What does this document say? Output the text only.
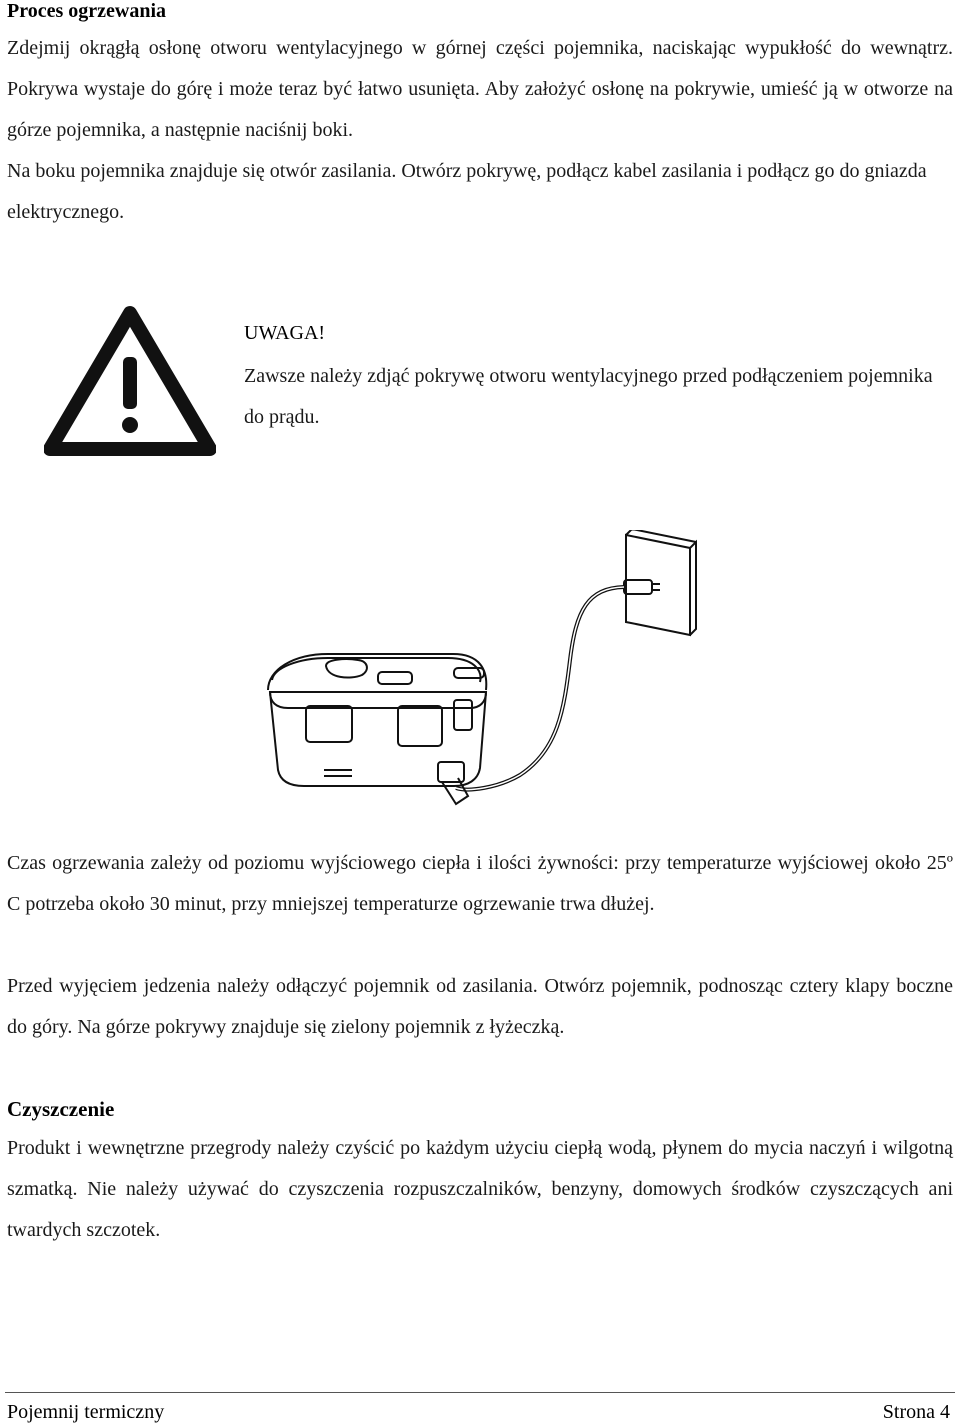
Proces ogrzewania

Zdejmij okrągłą osłonę otworu wentylacyjnego w górnej części pojemnika, naciskając wypukłość do wewnątrz. Pokrywa wystaje do górę i może teraz być łatwo usunięta. Aby założyć osłonę na pokrywie, umieść ją w otworze na górze pojemnika, a następnie naciśnij boki.

Na boku pojemnika znajduje się otwór zasilania. Otwórz pokrywę, podłącz kabel zasilania i podłącz go do gniazda elektrycznego.

UWAGA!
Zawsze należy zdjąć pokrywę otworu wentylacyjnego przed podłączeniem pojemnika do prądu.

Czas ogrzewania zależy od poziomu wyjściowego ciepła i ilości żywności: przy temperaturze wyjściowej około 25º C potrzeba około 30 minut, przy mniejszej temperaturze ogrzewanie trwa dłużej.

Przed wyjęciem jedzenia należy odłączyć pojemnik od zasilania. Otwórz pojemnik, podnosząc cztery klapy boczne do góry. Na górze pokrywy znajduje się zielony pojemnik z łyżeczką.

Czyszczenie

Produkt i wewnętrzne przegrody należy czyścić po każdym użyciu ciepłą wodą, płynem do mycia naczyń i wilgotną szmatką. Nie należy używać do czyszczenia rozpuszczalników, benzyny, domowych środków czyszczących ani twardych szczotek.

Pojemnij termiczny	Strona 4
